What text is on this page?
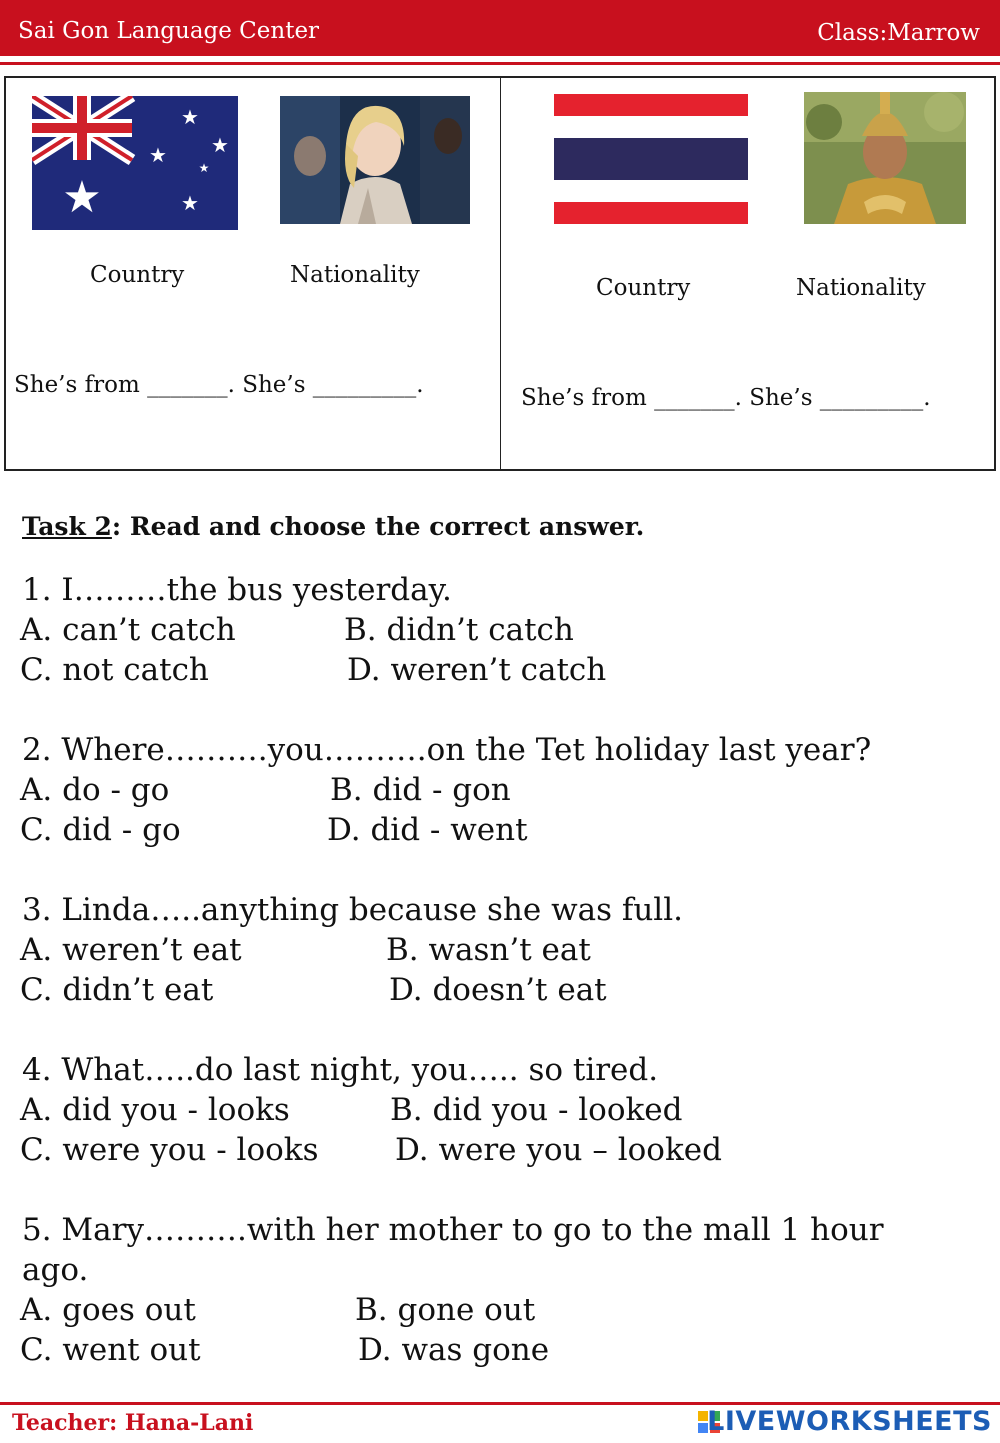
Sai Gon Language Center	Class:Marrow
★
★
★ ★
★
★
Country	Nationality
She’s from _______. She’s _________.
Country	Nationality
She’s from _______. She’s _________.
Task 2: Read and choose the correct answer.
1. I………the bus yesterday.
A. can’t catch	B. didn’t catch
C. not catch	D. weren’t catch
2. Where……….you……….on the Tet holiday last year?
A. do - go	B. did - gon
C. did - go	D. did - went
3. Linda…..anything because she was full.
A. weren’t eat	B. wasn’t eat
C. didn’t eat	D. doesn’t eat
4. What…..do last night, you….. so tired.
A. did you - looks	B. did you - looked
C. were you - looks D. were you – looked
5. Mary……….with her mother to go to the mall 1 hour
ago.
A. goes out	B. gone out
C. went out	D. was gone
Teacher: Hana-Lani	LIVEWORKSHEETS
